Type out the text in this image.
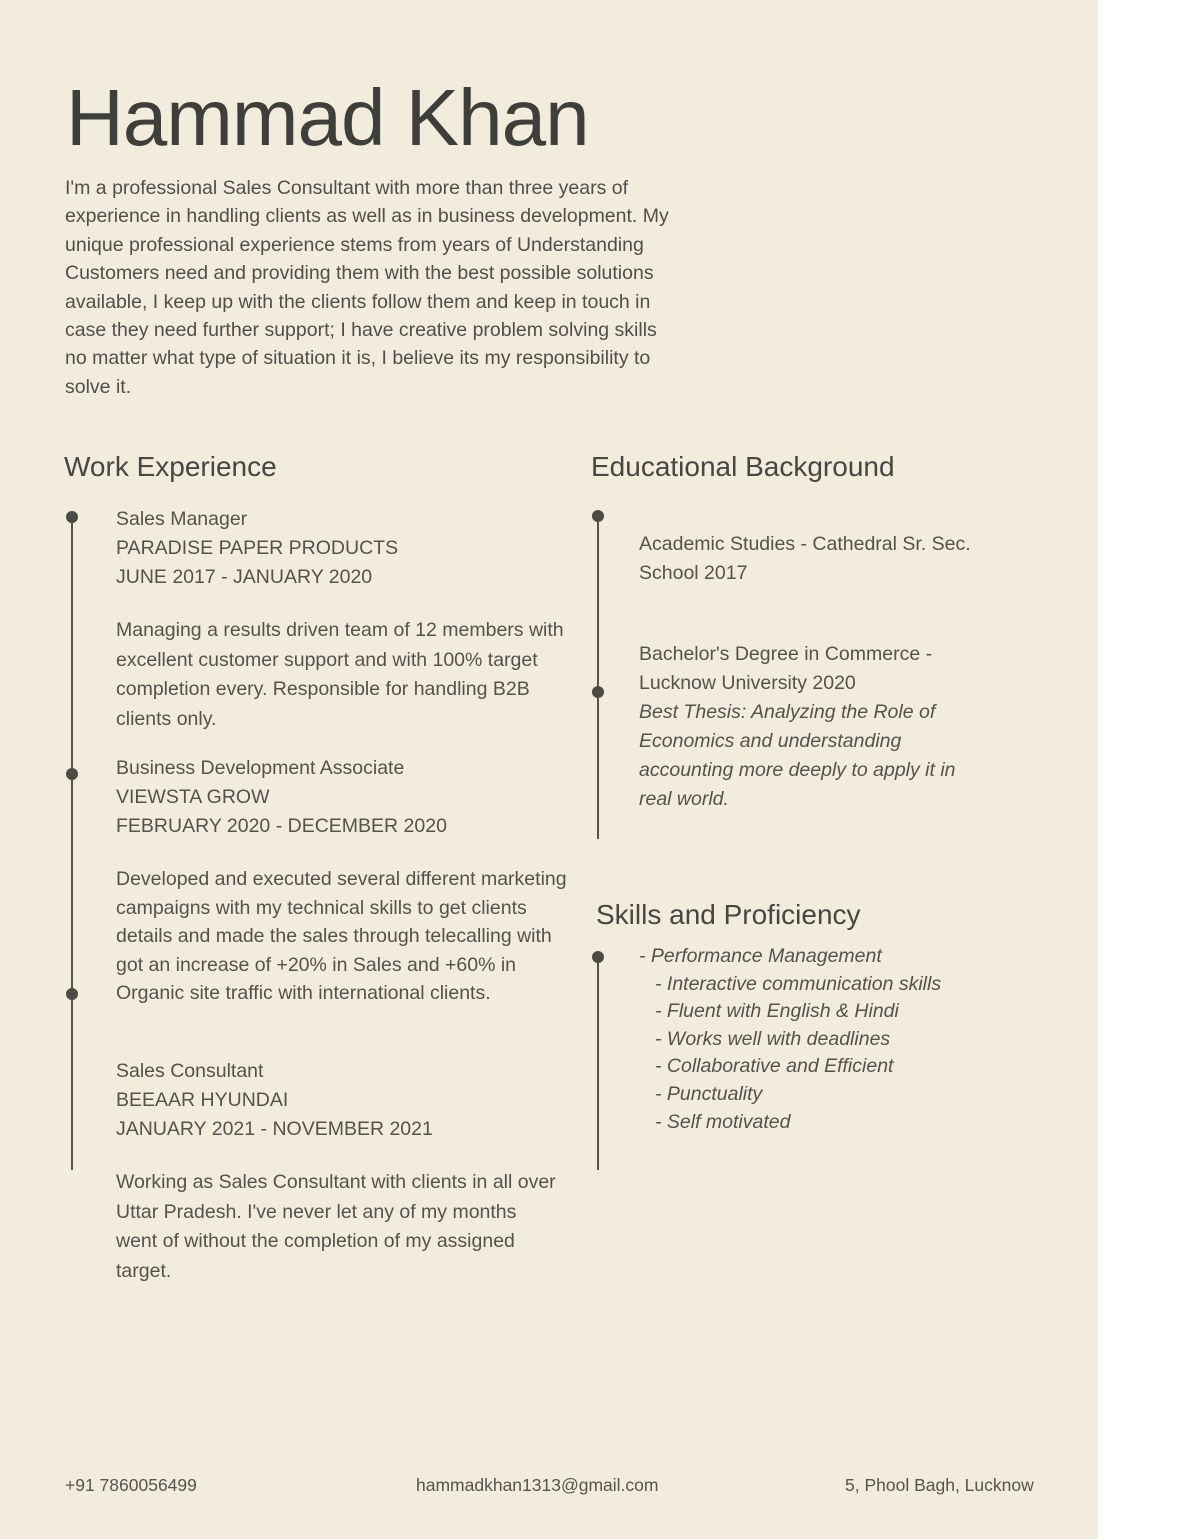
Hammad Khan

I'm a professional Sales Consultant with more than three years of experience in handling clients as well as in business development. My unique professional experience stems from years of Understanding Customers need and providing them with the best possible solutions available, I keep up with the clients follow them and keep in touch in case they need further support; I have creative problem solving skills no matter what type of situation it is, I believe its my responsibility to solve it.

Work Experience
Sales Manager
PARADISE PAPER PRODUCTS
JUNE 2017 - JANUARY 2020
Managing a results driven team of 12 members with excellent customer support and with 100% target completion every. Responsible for handling B2B clients only.
Business Development Associate
VIEWSTA GROW
FEBRUARY 2020 - DECEMBER 2020
Developed and executed several different marketing campaigns with my technical skills to get clients details and made the sales through telecalling with got an increase of +20% in Sales and +60% in Organic site traffic with international clients.
Sales Consultant
BEEAAR HYUNDAI
JANUARY 2021 - NOVEMBER 2021
Working as Sales Consultant with clients in all over Uttar Pradesh. I've never let any of my months went of without the completion of my assigned target.
Educational Background
Academic Studies - Cathedral Sr. Sec.
School 2017
Bachelor's Degree in Commerce -
Lucknow University 2020
Best Thesis: Analyzing the Role of Economics and understanding accounting more deeply to apply it in real world.
Skills and Proficiency
- Performance Management
- Interactive communication skills
- Fluent with English & Hindi
- Works well with deadlines
- Collaborative and Efficient
- Punctuality
- Self motivated
+91 7860056499	hammadkhan1313@gmail.com	5, Phool Bagh, Lucknow
